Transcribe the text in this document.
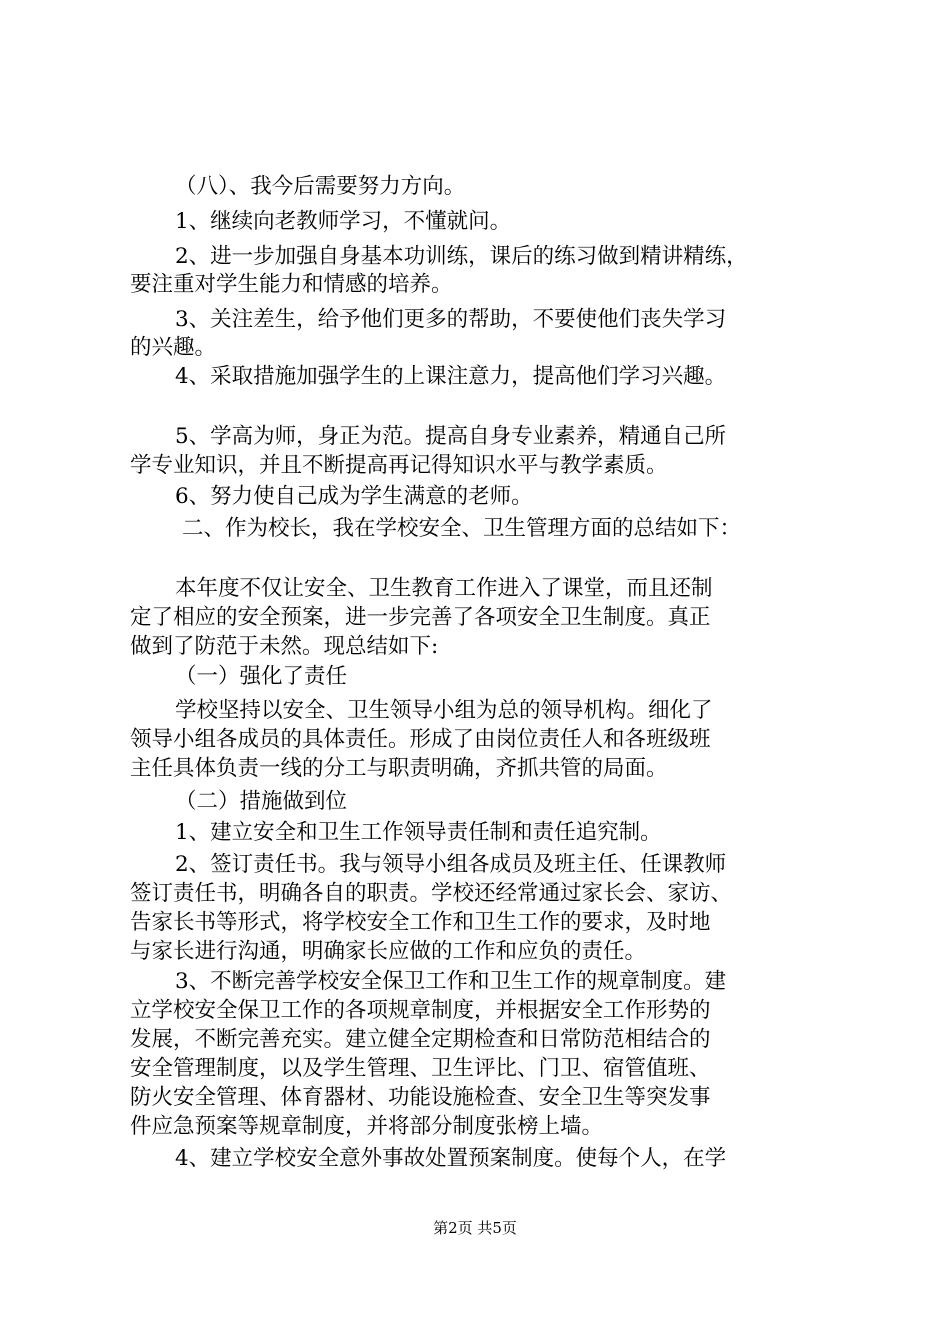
（八）、我今后需要努力方向。
1、继续向老教师学习，不懂就问。
2、进一步加强自身基本功训练，课后的练习做到精讲精练，
要注重对学生能力和情感的培养。
3、关注差生，给予他们更多的帮助，不要使他们丧失学习
的兴趣。
4、采取措施加强学生的上课注意力，提高他们学习兴趣。
5、学高为师，身正为范。提高自身专业素养，精通自己所
学专业知识，并且不断提高再记得知识水平与教学素质。
6、努力使自己成为学生满意的老师。
二、作为校长，我在学校安全、卫生管理方面的总结如下：
本年度不仅让安全、卫生教育工作进入了课堂，而且还制
定了相应的安全预案，进一步完善了各项安全卫生制度。真正
做到了防范于未然。现总结如下:
（一）强化了责任
学校坚持以安全、卫生领导小组为总的领导机构。细化了
领导小组各成员的具体责任。形成了由岗位责任人和各班级班
主任具体负责一线的分工与职责明确，齐抓共管的局面。
（二）措施做到位
1、建立安全和卫生工作领导责任制和责任追究制。
2、签订责任书。我与领导小组各成员及班主任、任课教师
签订责任书，明确各自的职责。学校还经常通过家长会、家访、
告家长书等形式，将学校安全工作和卫生工作的要求，及时地
与家长进行沟通，明确家长应做的工作和应负的责任。
3、不断完善学校安全保卫工作和卫生工作的规章制度。建
立学校安全保卫工作的各项规章制度，并根据安全工作形势的
发展，不断完善充实。建立健全定期检查和日常防范相结合的
安全管理制度，以及学生管理、卫生评比、门卫、宿管值班、
防火安全管理、体育器材、功能设施检查、安全卫生等突发事
件应急预案等规章制度，并将部分制度张榜上墙。
4、建立学校安全意外事故处置预案制度。使每个人，在学
第2页 共5页
